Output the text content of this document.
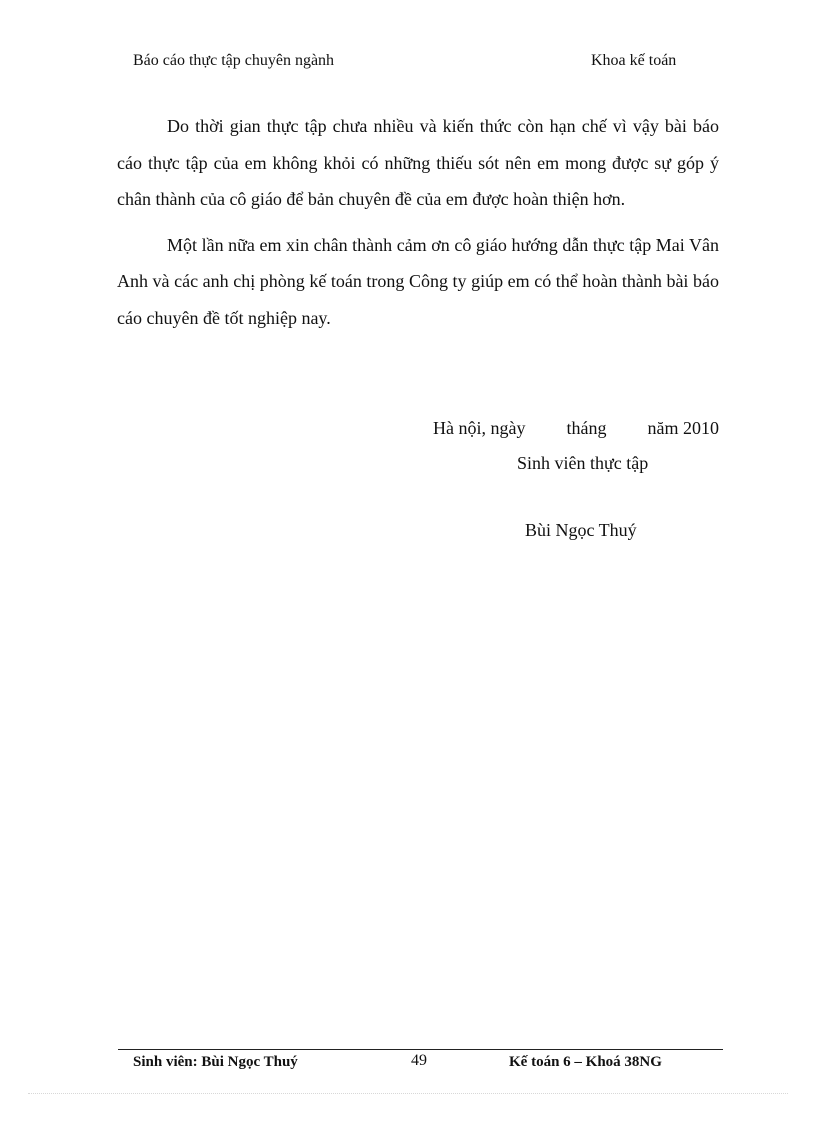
Báo cáo thực tập chuyên ngành	Khoa kế toán

Do thời gian thực tập chưa nhiều và kiến thức còn hạn chế vì vậy bài báo cáo thực tập của em không khỏi có những thiếu sót nên em mong được sự góp ý chân thành của cô giáo để bản chuyên đề của em được hoàn thiện hơn.

Một lần nữa em xin chân thành cảm ơn cô giáo hướng dẫn thực tập Mai Vân Anh và các anh chị phòng kế toán trong Công ty giúp em có thể hoàn thành bài báo cáo chuyên đề tốt nghiệp nay.

Hà nội, ngày tháng năm 2010
Sinh viên thực tập
Bùi Ngọc Thuý
Sinh viên: Bùi Ngọc Thuý	49	Kế toán 6 – Khoá 38NG
